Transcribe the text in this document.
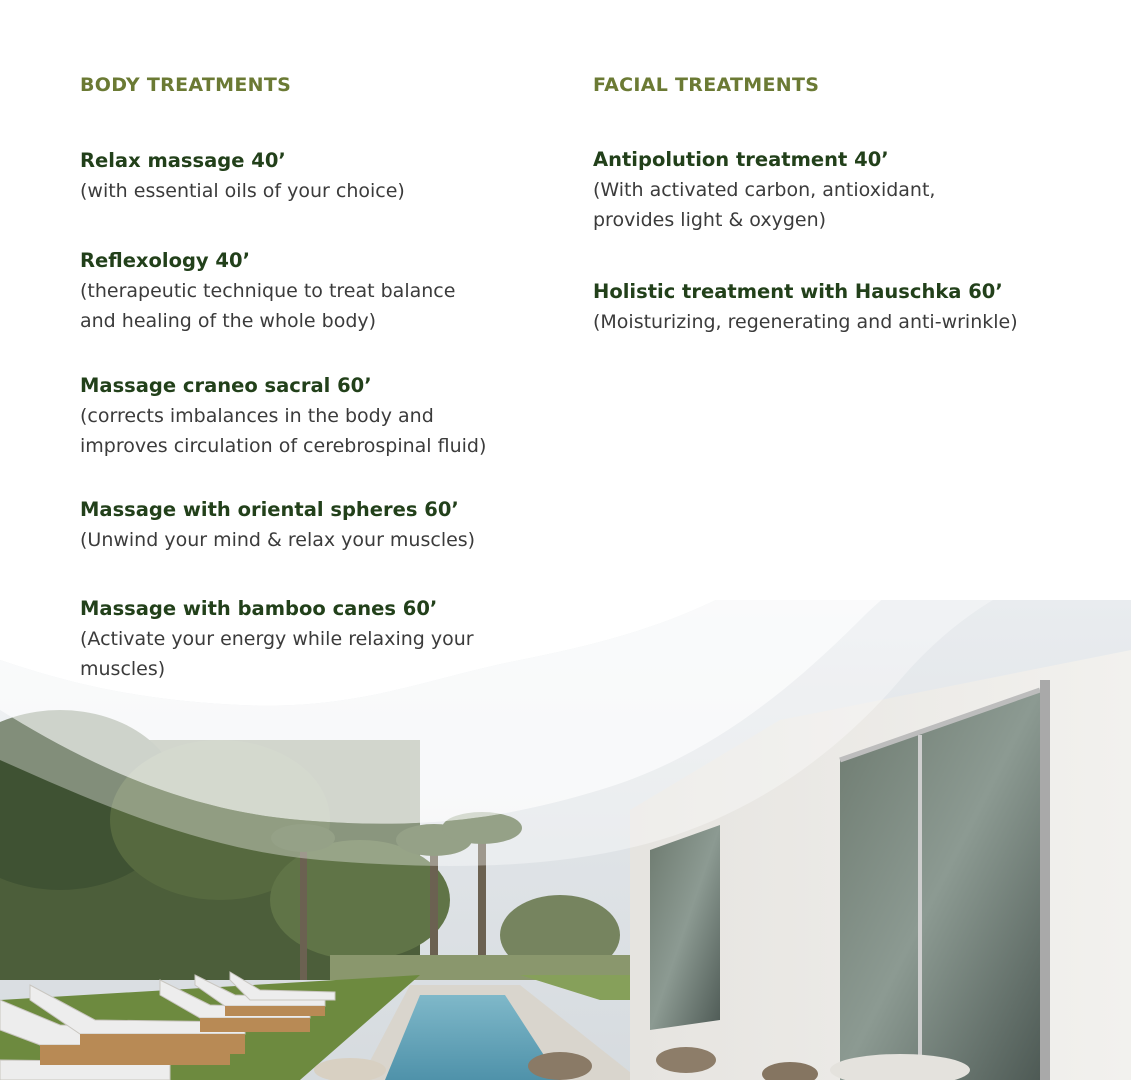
BODY TREATMENTS
Relax massage 40’
(with essential oils of your choice)
Reflexology 40’
(therapeutic technique to treat balance
and healing of the whole body)
Massage craneo sacral 60’
(corrects imbalances in the body and
improves circulation of cerebrospinal fluid)
Massage with oriental spheres 60’
(Unwind your mind & relax your muscles)
Massage with bamboo canes 60’
(Activate your energy while relaxing your
muscles)
FACIAL TREATMENTS
Antipolution treatment 40’
(With activated carbon, antioxidant,
provides light & oxygen)
Holistic treatment with Hauschka 60’
(Moisturizing, regenerating and anti-wrinkle)
